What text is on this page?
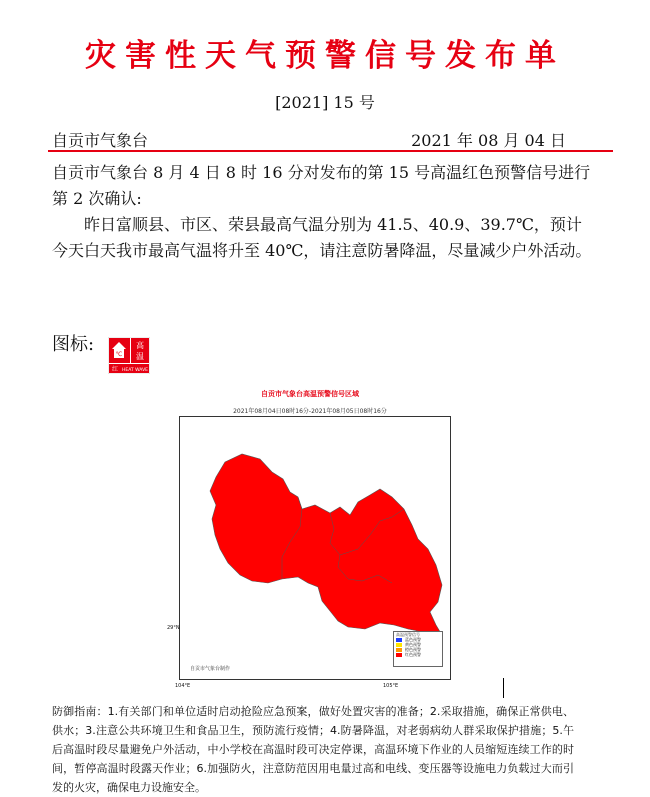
灾害性天气预警信号发布单
[2021] 15 号
自贡市气象台	2021 年 08 月 04 日

自贡市气象台 8 月 4 日 8 时 16 分对发布的第 15 号高温红色预警信号进行第 2 次确认:

昨日富顺县、市区、荣县最高气温分别为 41.5、40.9、39.7℃，预计今天白天我市最高气温将升至 40℃，请注意防暑降温，尽量减少户外活动。

图标:	℃
高
温
红 HEAT WAVE
自贡市气象台高温预警信号区域
2021年08月04日08时16分-2021年08月05日08时16分
自贡市气象台制作
29°N
104°E	105°E
高温预警信号
蓝色预警
黄色预警
橙色预警
红色预警
防御指南：1.有关部门和单位适时启动抢险应急预案，做好处置灾害的准备；2.采取措施，确保正常供电、供水；3.注意公共环境卫生和食品卫生，预防流行疫情；4.防暑降温，对老弱病幼人群采取保护措施；5.午后高温时段尽量避免户外活动，中小学校在高温时段可决定停课，高温环境下作业的人员缩短连续工作的时间，暂停高温时段露天作业；6.加强防火，注意防范因用电量过高和电线、变压器等设施电力负载过大而引发的火灾，确保电力设施安全。
